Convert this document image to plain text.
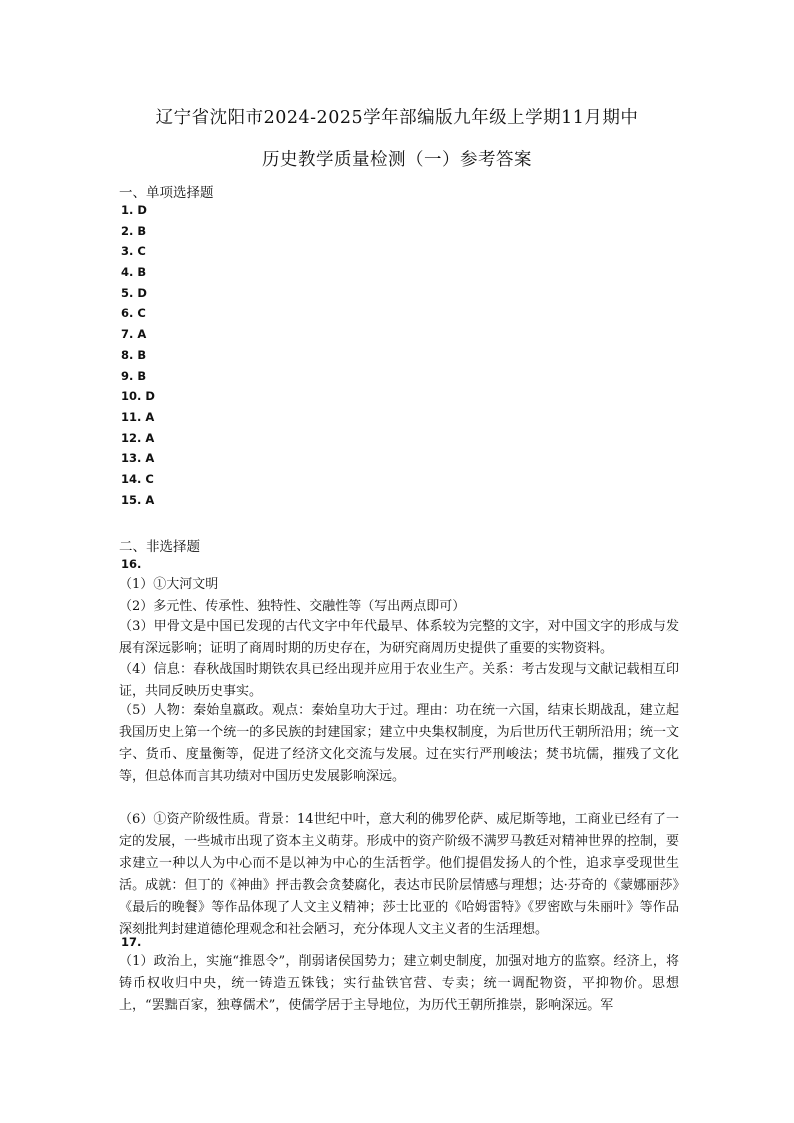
辽宁省沈阳市2024-2025学年部编版九年级上学期11月期中
历史教学质量检测（一）参考答案
一、单项选择题
1. D
2. B
3. C
4. B
5. D
6. C
7. A
8. B
9. B
10. D
11. A
12. A
13. A
14. C
15. A
二、非选择题
16.

（1）①大河文明

（2）多元性、传承性、独特性、交融性等（写出两点即可）

（3）甲骨文是中国已发现的古代文字中年代最早、体系较为完整的文字，对中国文字的形成与发展有深远影响；证明了商周时期的历史存在，为研究商周历史提供了重要的实物资料。

（4）信息：春秋战国时期铁农具已经出现并应用于农业生产。关系：考古发现与文献记载相互印证，共同反映历史事实。

（5）人物：秦始皇嬴政。观点：秦始皇功大于过。理由：功在统一六国，结束长期战乱，建立起我国历史上第一个统一的多民族的封建国家；建立中央集权制度，为后世历代王朝所沿用；统一文字、货币、度量衡等，促进了经济文化交流与发展。过在实行严刑峻法；焚书坑儒，摧残了文化等，但总体而言其功绩对中国历史发展影响深远。

（6）①资产阶级性质。背景：14世纪中叶，意大利的佛罗伦萨、威尼斯等地，工商业已经有了一定的发展，一些城市出现了资本主义萌芽。形成中的资产阶级不满罗马教廷对精神世界的控制，要求建立一种以人为中心而不是以神为中心的生活哲学。他们提倡发扬人的个性，追求享受现世生活。成就：但丁的《神曲》抨击教会贪婪腐化，表达市民阶层情感与理想；达·芬奇的《蒙娜丽莎》《最后的晚餐》等作品体现了人文主义精神；莎士比亚的《哈姆雷特》《罗密欧与朱丽叶》等作品深刻批判封建道德伦理观念和社会陋习，充分体现人文主义者的生活理想。

17.

（1）政治上，实施“推恩令”，削弱诸侯国势力；建立刺史制度，加强对地方的监察。经济上，将铸币权收归中央，统一铸造五铢钱；实行盐铁官营、专卖；统一调配物资，平抑物价。思想上，“罢黜百家，独尊儒术”，使儒学居于主导地位，为历代王朝所推崇，影响深远。军
